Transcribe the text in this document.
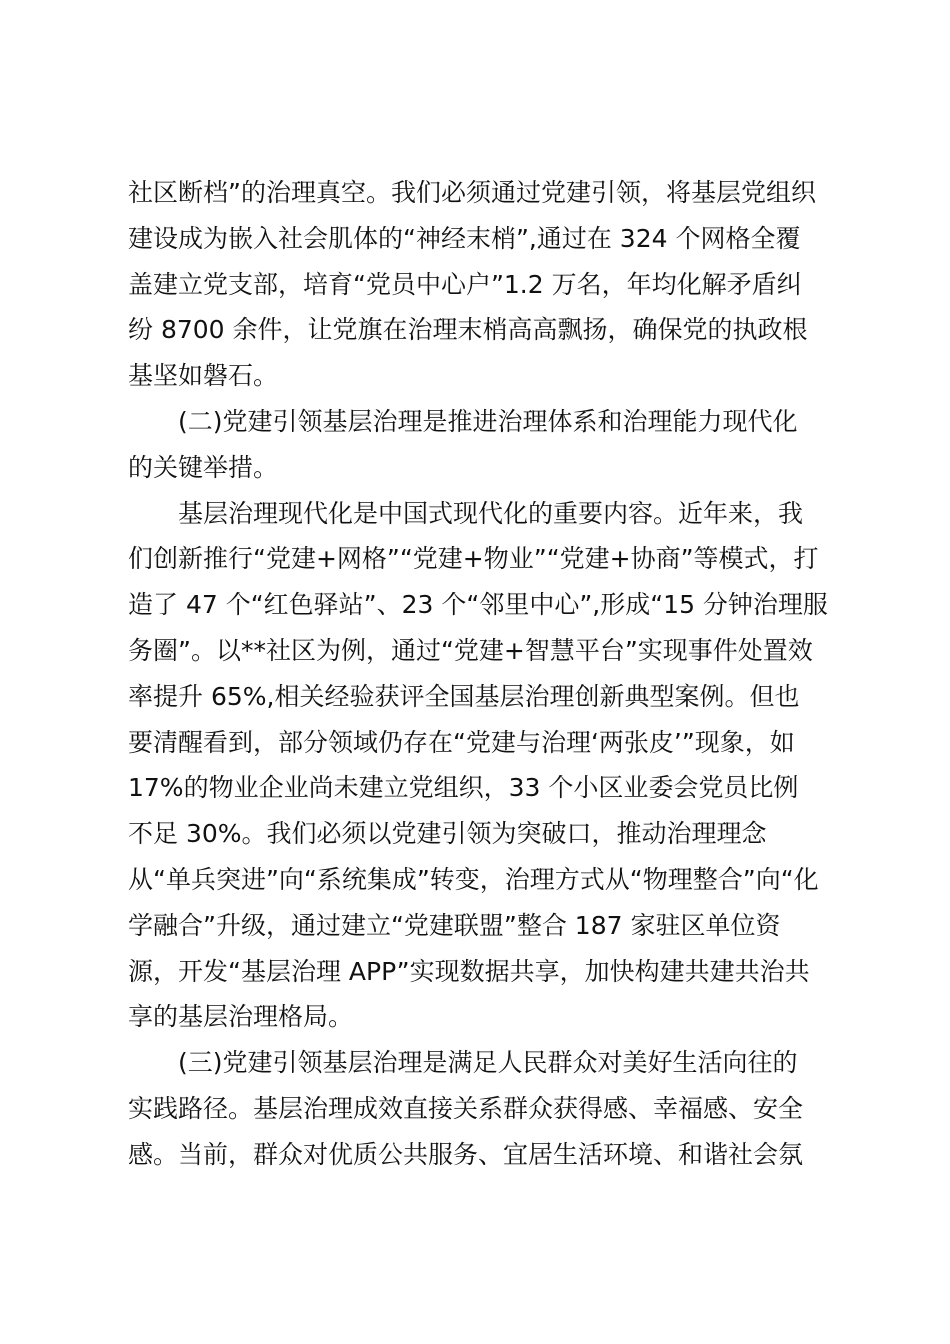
社区断档”的治理真空。我们必须通过党建引领，将基层党组织
建设成为嵌入社会肌体的“神经末梢”,通过在 324 个网格全覆
盖建立党支部，培育“党员中心户”1.2 万名，年均化解矛盾纠
纷 8700 余件，让党旗在治理末梢高高飘扬，确保党的执政根
基坚如磐石。
(二)党建引领基层治理是推进治理体系和治理能力现代化
的关键举措。
基层治理现代化是中国式现代化的重要内容。近年来，我
们创新推行“党建+网格”“党建+物业”“党建+协商”等模式，打
造了 47 个“红色驿站”、23 个“邻里中心”,形成“15 分钟治理服
务圈”。以**社区为例，通过“党建+智慧平台”实现事件处置效
率提升 65%,相关经验获评全国基层治理创新典型案例。但也
要清醒看到，部分领域仍存在“党建与治理‘两张皮’”现象，如
17%的物业企业尚未建立党组织，33 个小区业委会党员比例
不足 30%。我们必须以党建引领为突破口，推动治理理念
从“单兵突进”向“系统集成”转变，治理方式从“物理整合”向“化
学融合”升级，通过建立“党建联盟”整合 187 家驻区单位资
源，开发“基层治理 APP”实现数据共享，加快构建共建共治共
享的基层治理格局。
(三)党建引领基层治理是满足人民群众对美好生活向往的
实践路径。基层治理成效直接关系群众获得感、幸福感、安全
感。当前，群众对优质公共服务、宜居生活环境、和谐社会氛
